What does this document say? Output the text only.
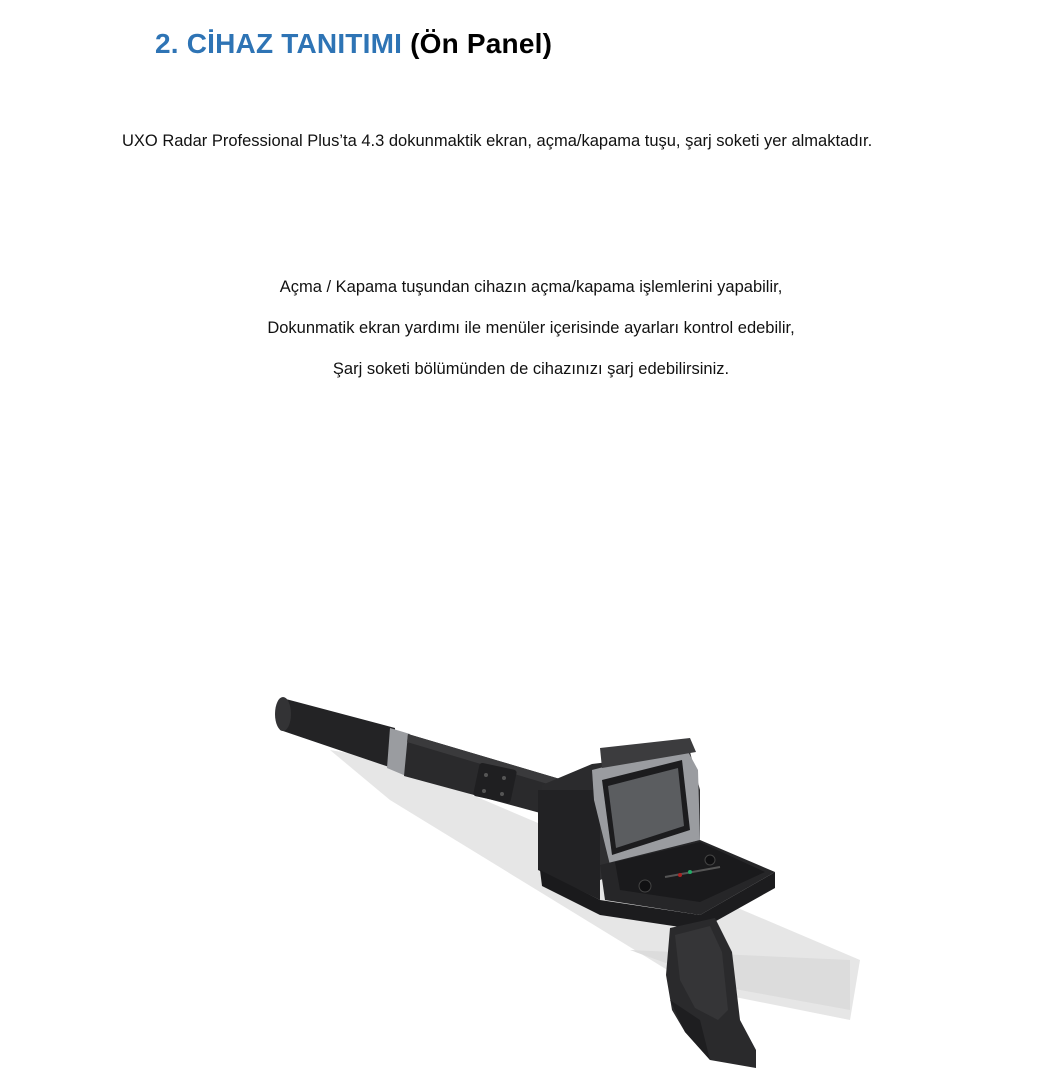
2. CİHAZ TANITIMI (Ön Panel)

UXO Radar Professional Plus’ta 4.3 dokunmaktik ekran, açma/kapama tuşu, şarj soketi yer almaktadır.

Açma / Kapama tuşundan cihazın açma/kapama işlemlerini yapabilir,
Dokunmatik ekran yardımı ile menüler içerisinde ayarları kontrol edebilir,
Şarj soketi bölümünden de cihazınızı şarj edebilirsiniz.
